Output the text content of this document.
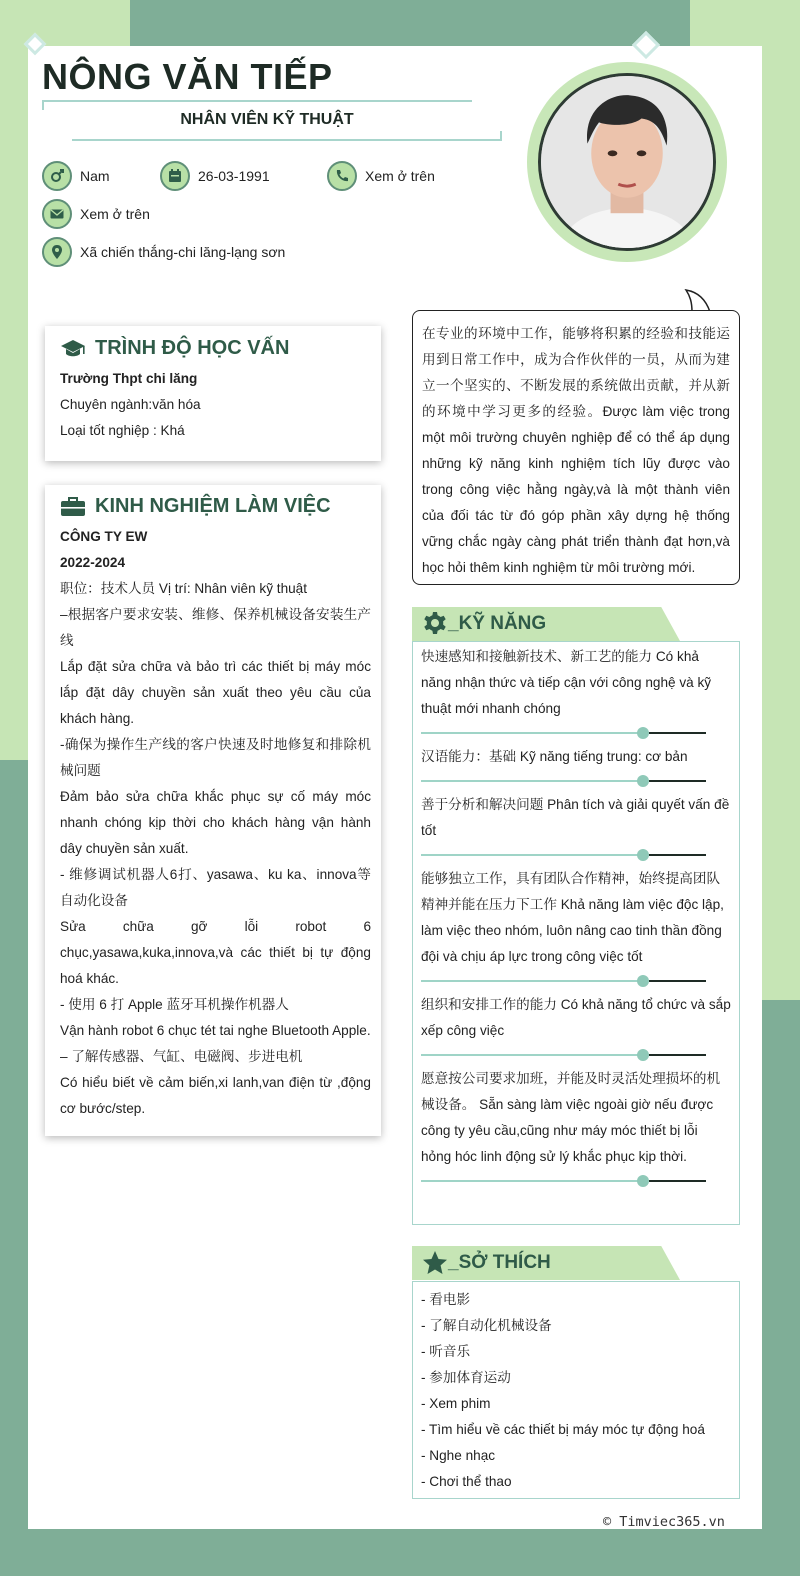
NÔNG VĂN TIẾP
NHÂN VIÊN KỸ THUẬT
Nam	26-03-1991	Xem ở trên
Xem ở trên
Xã chiến thắng-chi lăng-lạng sơn
TRÌNH ĐỘ HỌC VẤN
Trường Thpt chi lăng
Chuyên ngành:văn hóa
Loại tốt nghiệp : Khá
KINH NGHIỆM LÀM VIỆC
CÔNG TY EW
2022-2024
职位：技术人员 Vị trí: Nhân viên kỹ thuật
–根据客户要求安装、维修、保养机械设备安装生产线
Lắp đặt sửa chữa và bảo trì các thiết bị máy móc lắp đặt dây chuyền sản xuất theo yêu cầu của khách hàng.
-确保为操作生产线的客户快速及时地修复和排除机械问题
Đảm bảo sửa chữa khắc phục sự cố máy móc nhanh chóng kịp thời cho khách hàng vận hành dây chuyền sản xuất.
- 维修调试机器人6打、yasawa、ku ka、innova等自动化设备
Sửa chữa gỡ lỗi robot 6 chục,yasawa,kuka,innova,và các thiết bị tự động hoá khác.
- 使用 6 打 Apple 蓝牙耳机操作机器人
Vận hành robot 6 chục tét tai nghe Bluetooth Apple.
– 了解传感器、气缸、电磁阀、步进电机
Có hiểu biết về cảm biến,xi lanh,van điện từ ,động cơ bước/step.
在专业的环境中工作，能够将积累的经验和技能运用到日常工作中，成为合作伙伴的一员，从而为建立一个坚实的、不断发展的系统做出贡献，并从新的环境中学习更多的经验。Được làm việc trong một môi trường chuyên nghiệp để có thể áp dụng những kỹ năng kinh nghiệm tích lũy được vào trong công việc hằng ngày,và là một thành viên của đối tác từ đó góp phần xây dựng hệ thống vững chắc ngày càng phát triển thành đạt hơn,và học hỏi thêm kinh nghiệm từ môi trường mới.
_KỸ NĂNG
快速感知和接触新技术、新工艺的能力 Có khả năng nhận thức và tiếp cận với công nghệ và kỹ thuật mới nhanh chóng
汉语能力：基础 Kỹ năng tiếng trung: cơ bản
善于分析和解决问题 Phân tích và giải quyết vấn đề tốt
能够独立工作，具有团队合作精神，始终提高团队精神并能在压力下工作 Khả năng làm việc độc lập, làm việc theo nhóm, luôn nâng cao tinh thần đồng đội và chịu áp lực trong công việc tốt
组织和安排工作的能力 Có khả năng tổ chức và sắp xếp công việc
愿意按公司要求加班，并能及时灵活处理损坏的机械设备。 Sẵn sàng làm việc ngoài giờ nếu được công ty yêu cầu,cũng như máy móc thiết bị lỗi hỏng hóc linh động sử lý khắc phục kịp thời.
_SỞ THÍCH
- 看电影
- 了解自动化机械设备
- 听音乐
- 参加体育运动
- Xem phim
- Tìm hiểu về các thiết bị máy móc tự động hoá
- Nghe nhạc
- Chơi thể thao
© Timviec365.vn
